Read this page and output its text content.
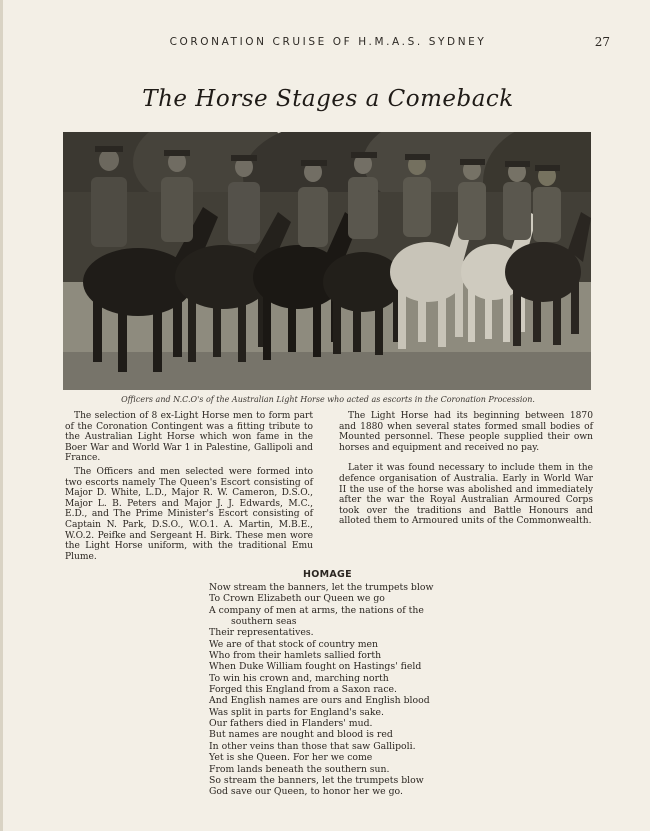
CORONATION CRUISE OF H.M.A.S. SYDNEY	27
The Horse Stages a Comeback
Officers and N.C.O's of the Australian Light Horse who acted as escorts in the Coronation Procession.

The selection of 8 ex-Light Horse men to form part of the Coronation Contingent was a fitting tribute to the Australian Light Horse which won fame in the Boer War and World War 1 in Palestine, Gallipoli and France.

The Officers and men selected were formed into two escorts namely The Queen's Escort consisting of Major D. White, L.D., Major R. W. Cameron, D.S.O., Major L. B. Peters and Major J. J. Edwards, M.C., E.D., and The Prime Minister's Escort consisting of Captain N. Park, D.S.O., W.O.1. A. Martin, M.B.E., W.O.2. Peifke and Sergeant H. Birk. These men wore the Light Horse uniform, with the traditional Emu Plume.

The Light Horse had its beginning between 1870 and 1880 when several states formed small bodies of Mounted personnel. These people supplied their own horses and equipment and received no pay.

Later it was found necessary to include them in the defence organisation of Australia. Early in World War II the use of the horse was abolished and immediately after the war the Royal Australian Armoured Corps took over the traditions and Battle Honours and alloted them to Armoured units of the Commonwealth.

HOMAGE
Now stream the banners, let the trumpets blow
To Crown Elizabeth our Queen we go
A company of men at arms, the nations of the
southern seas
Their representatives.
We are of that stock of country men
Who from their hamlets sallied forth
When Duke William fought on Hastings' field
To win his crown and, marching north
Forged this England from a Saxon race.
And English names are ours and English blood
Was split in parts for England's sake.
Our fathers died in Flanders' mud.
But names are nought and blood is red
In other veins than those that saw Gallipoli.
Yet is she Queen. For her we come
From lands beneath the southern sun.
So stream the banners, let the trumpets blow
God save our Queen, to honor her we go.
